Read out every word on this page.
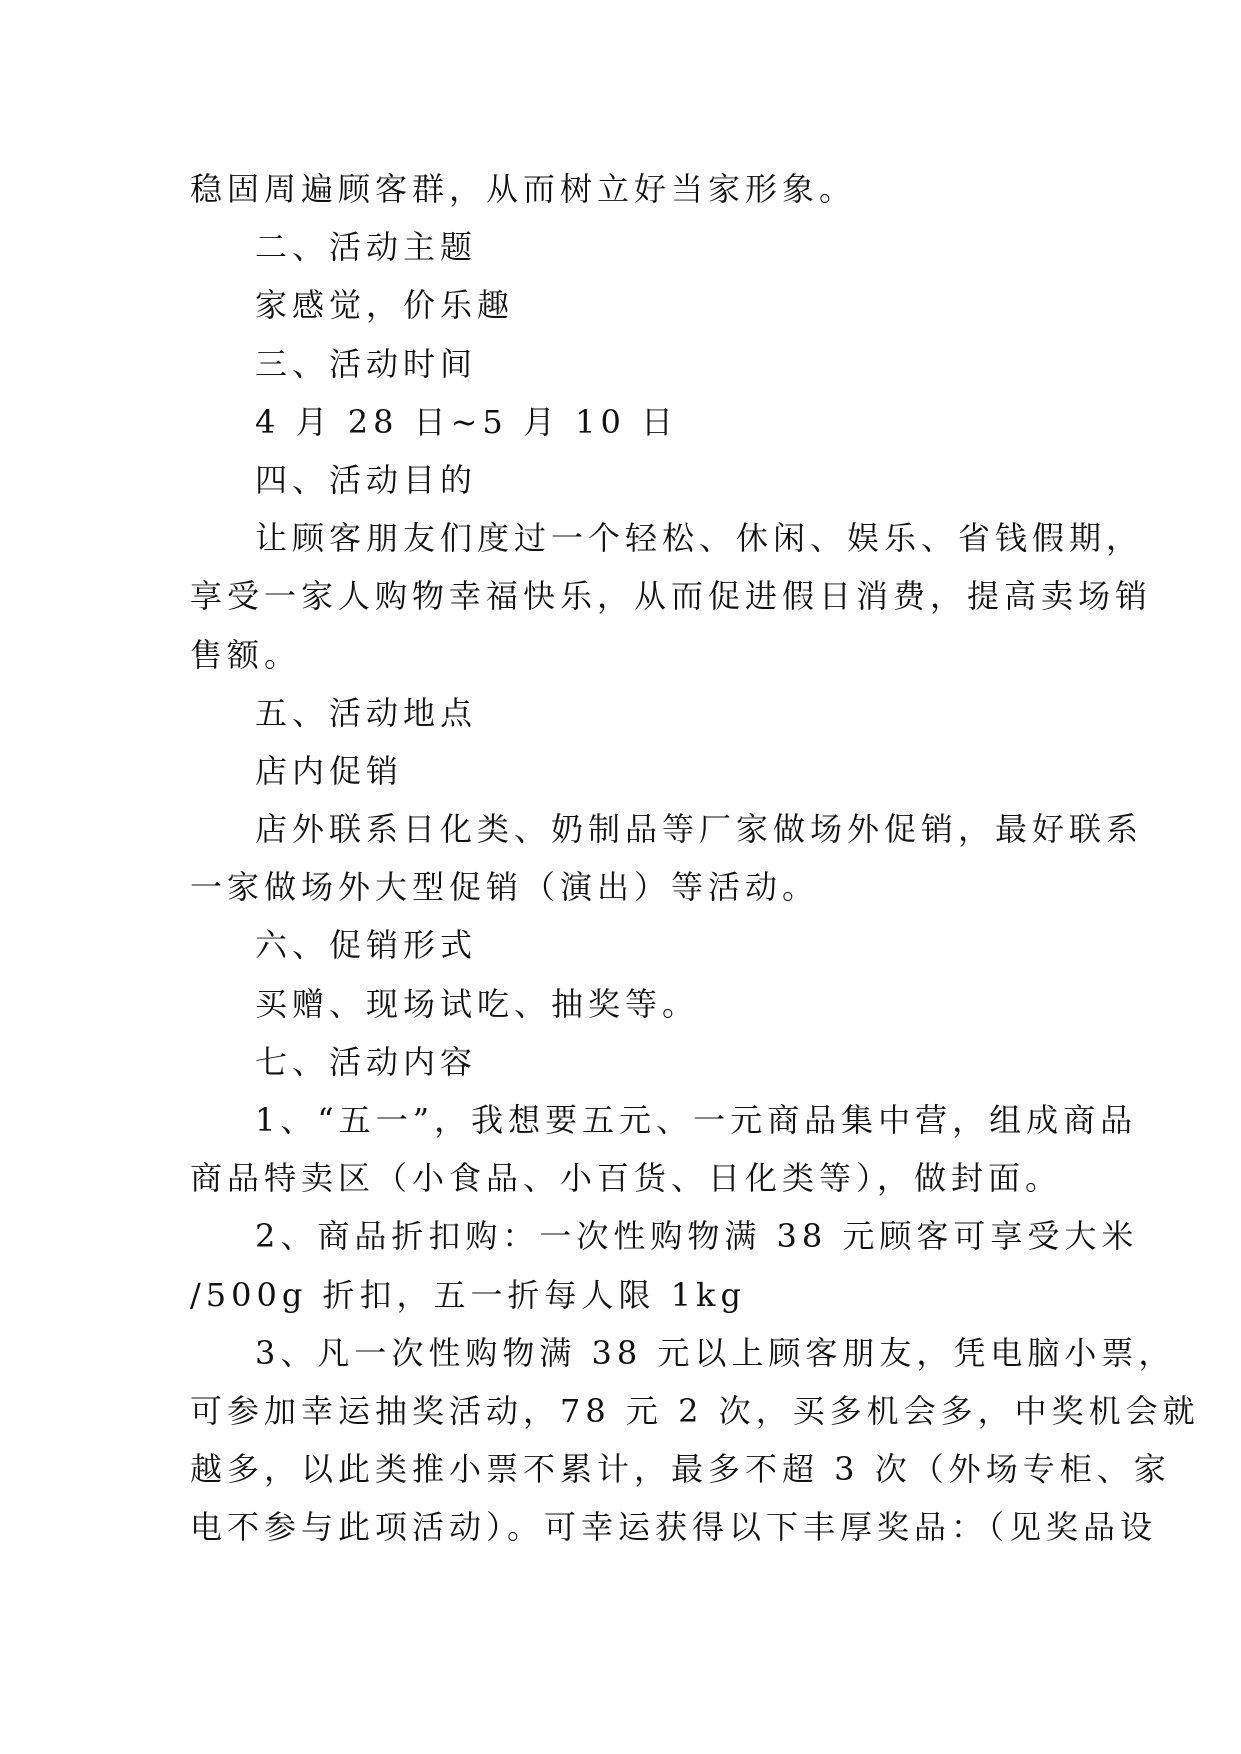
稳固周遍顾客群，从而树立好当家形象。
二、活动主题
家感觉，价乐趣
三、活动时间
4 月 28 日~5 月 10 日
四、活动目的
让顾客朋友们度过一个轻松、休闲、娱乐、省钱假期，
享受一家人购物幸福快乐，从而促进假日消费，提高卖场销
售额。
五、活动地点
店内促销
店外联系日化类、奶制品等厂家做场外促销，最好联系
一家做场外大型促销（演出）等活动。
六、促销形式
买赠、现场试吃、抽奖等。
七、活动内容
1、“五一”，我想要五元、一元商品集中营，组成商品
商品特卖区（小食品、小百货、日化类等），做封面。
2、商品折扣购：一次性购物满 38 元顾客可享受大米
/500g 折扣，五一折每人限 1kg
3、凡一次性购物满 38 元以上顾客朋友，凭电脑小票，
可参加幸运抽奖活动，78 元 2 次，买多机会多，中奖机会就
越多，以此类推小票不累计，最多不超 3 次（外场专柜、家
电不参与此项活动）。可幸运获得以下丰厚奖品：（见奖品设
